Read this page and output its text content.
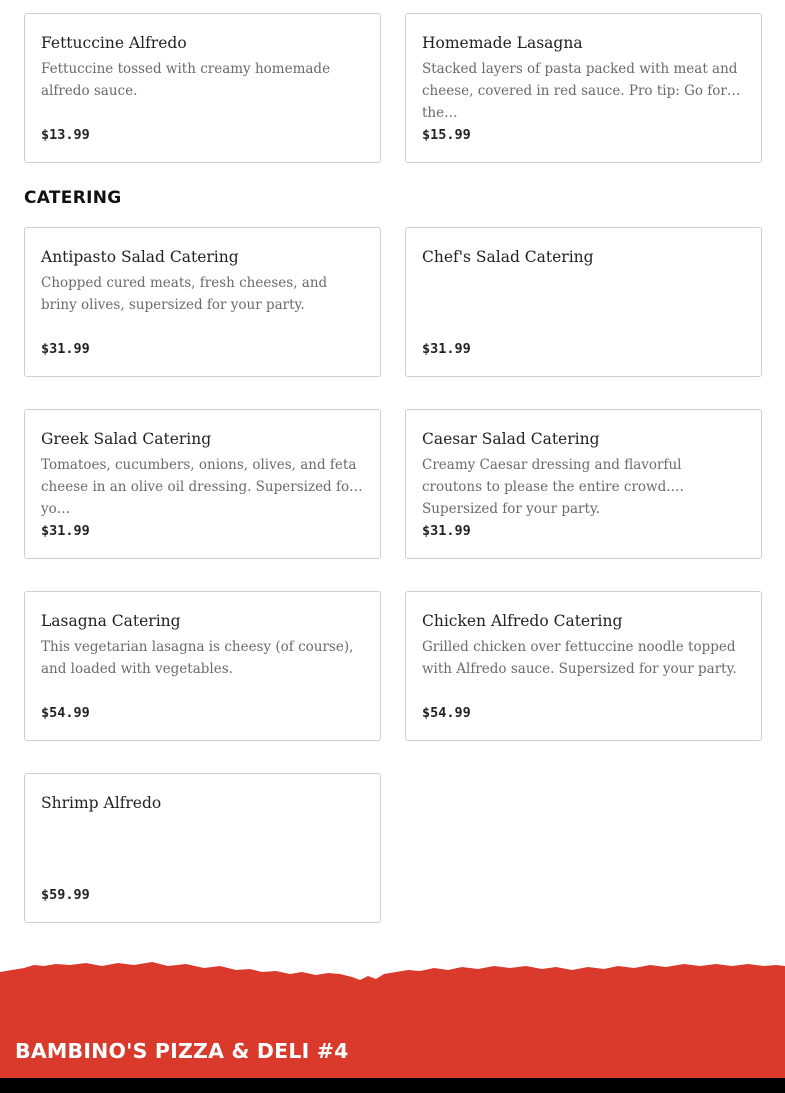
Fettuccine Alfredo
Fettuccine tossed with creamy homemade alfredo sauce.
$13.99
Homemade Lasagna
Stacked layers of pasta packed with meat and cheese, covered in red sauce. Pro tip: Go for the…
$15.99
CATERING
Antipasto Salad Catering
Chopped cured meats, fresh cheeses, and briny olives, supersized for your party.
$31.99
Chef's Salad Catering
$31.99
Greek Salad Catering
Tomatoes, cucumbers, onions, olives, and feta cheese in an olive oil dressing. Supersized for yo…
$31.99
Caesar Salad Catering
Creamy Caesar dressing and flavorful croutons to please the entire crowd. Supersized for your party.
$31.99
Lasagna Catering
This vegetarian lasagna is cheesy (of course), and loaded with vegetables.
$54.99
Chicken Alfredo Catering
Grilled chicken over fettuccine noodle topped with Alfredo sauce. Supersized for your party.
$54.99
Shrimp Alfredo
$59.99
BAMBINO'S PIZZA & DELI #4
